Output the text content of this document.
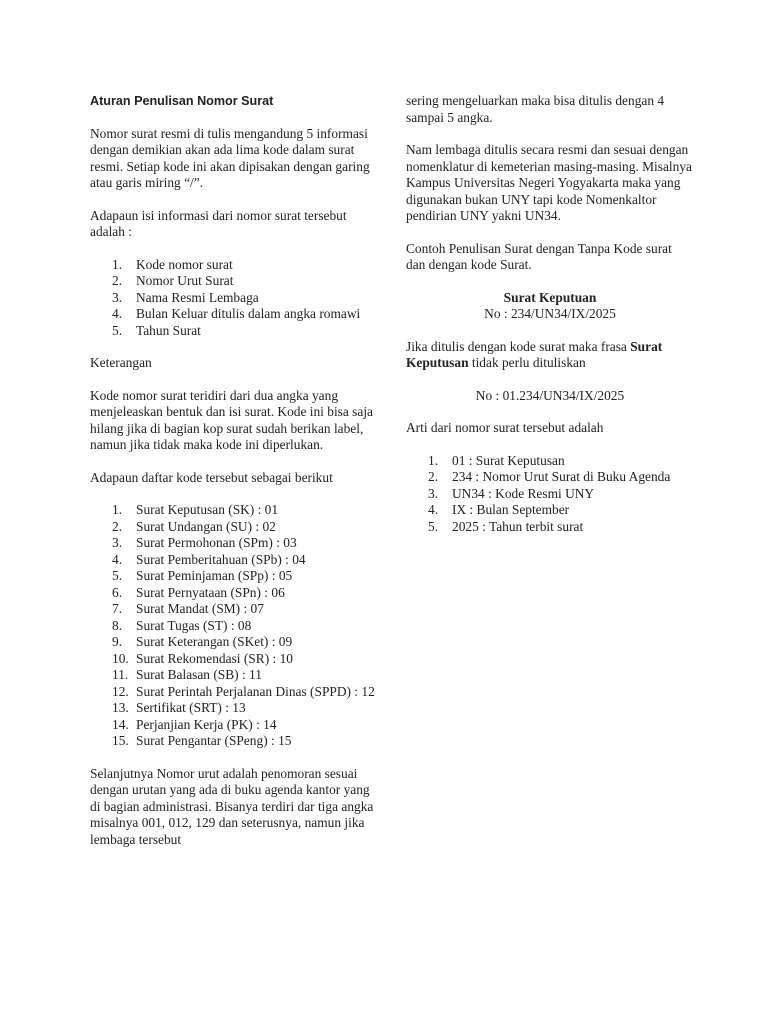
Aturan Penulisan Nomor Surat

Nomor surat resmi di tulis mengandung 5 informasi dengan demikian akan ada lima kode dalam surat resmi. Setiap kode ini akan dipisakan dengan garing atau garis miring “/”.

Adapaun isi informasi dari nomor surat tersebut adalah :

1. Kode nomor surat
2. Nomor Urut Surat
3. Nama Resmi Lembaga
4. Bulan Keluar ditulis dalam angka romawi
5. Tahun Surat

Keterangan

Kode nomor surat teridiri dari dua angka yang menjeleaskan bentuk dan isi surat. Kode ini bisa saja hilang jika di bagian kop surat sudah berikan label, namun jika tidak maka kode ini diperlukan.

Adapaun daftar kode tersebut sebagai berikut

1. Surat Keputusan (SK) : 01
2. Surat Undangan (SU) : 02
3. Surat Permohonan (SPm) : 03
4. Surat Pemberitahuan (SPb) : 04
5. Surat Peminjaman (SPp) : 05
6. Surat Pernyataan (SPn) : 06
7. Surat Mandat (SM) : 07
8. Surat Tugas (ST) : 08
9. Surat Keterangan (SKet) : 09
10. Surat Rekomendasi (SR) : 10
11. Surat Balasan (SB) : 11
12. Surat Perintah Perjalanan Dinas (SPPD) : 12
13. Sertifikat (SRT) : 13
14. Perjanjian Kerja (PK) : 14
15. Surat Pengantar (SPeng) : 15

Selanjutnya Nomor urut adalah penomoran sesuai dengan urutan yang ada di buku agenda kantor yang di bagian administrasi. Bisanya terdiri dar tiga angka misalnya 001, 012, 129 dan seterusnya, namun jika lembaga tersebut

sering mengeluarkan maka bisa ditulis dengan 4 sampai 5 angka.

Nam lembaga ditulis secara resmi dan sesuai dengan nomenklatur di kemeterian masing-masing. Misalnya Kampus Universitas Negeri Yogyakarta maka yang digunakan bukan UNY tapi kode Nomenkaltor pendirian UNY yakni UN34.

Contoh Penulisan Surat dengan Tanpa Kode surat dan dengan kode Surat.

Surat Keputuan

No : 234/UN34/IX/2025

Jika ditulis dengan kode surat maka frasa Surat Keputusan tidak perlu dituliskan

No : 01.234/UN34/IX/2025

Arti dari nomor surat tersebut adalah

1. 01 : Surat Keputusan
2. 234 : Nomor Urut Surat di Buku Agenda
3. UN34 : Kode Resmi UNY
4. IX : Bulan September
5. 2025 : Tahun terbit surat
